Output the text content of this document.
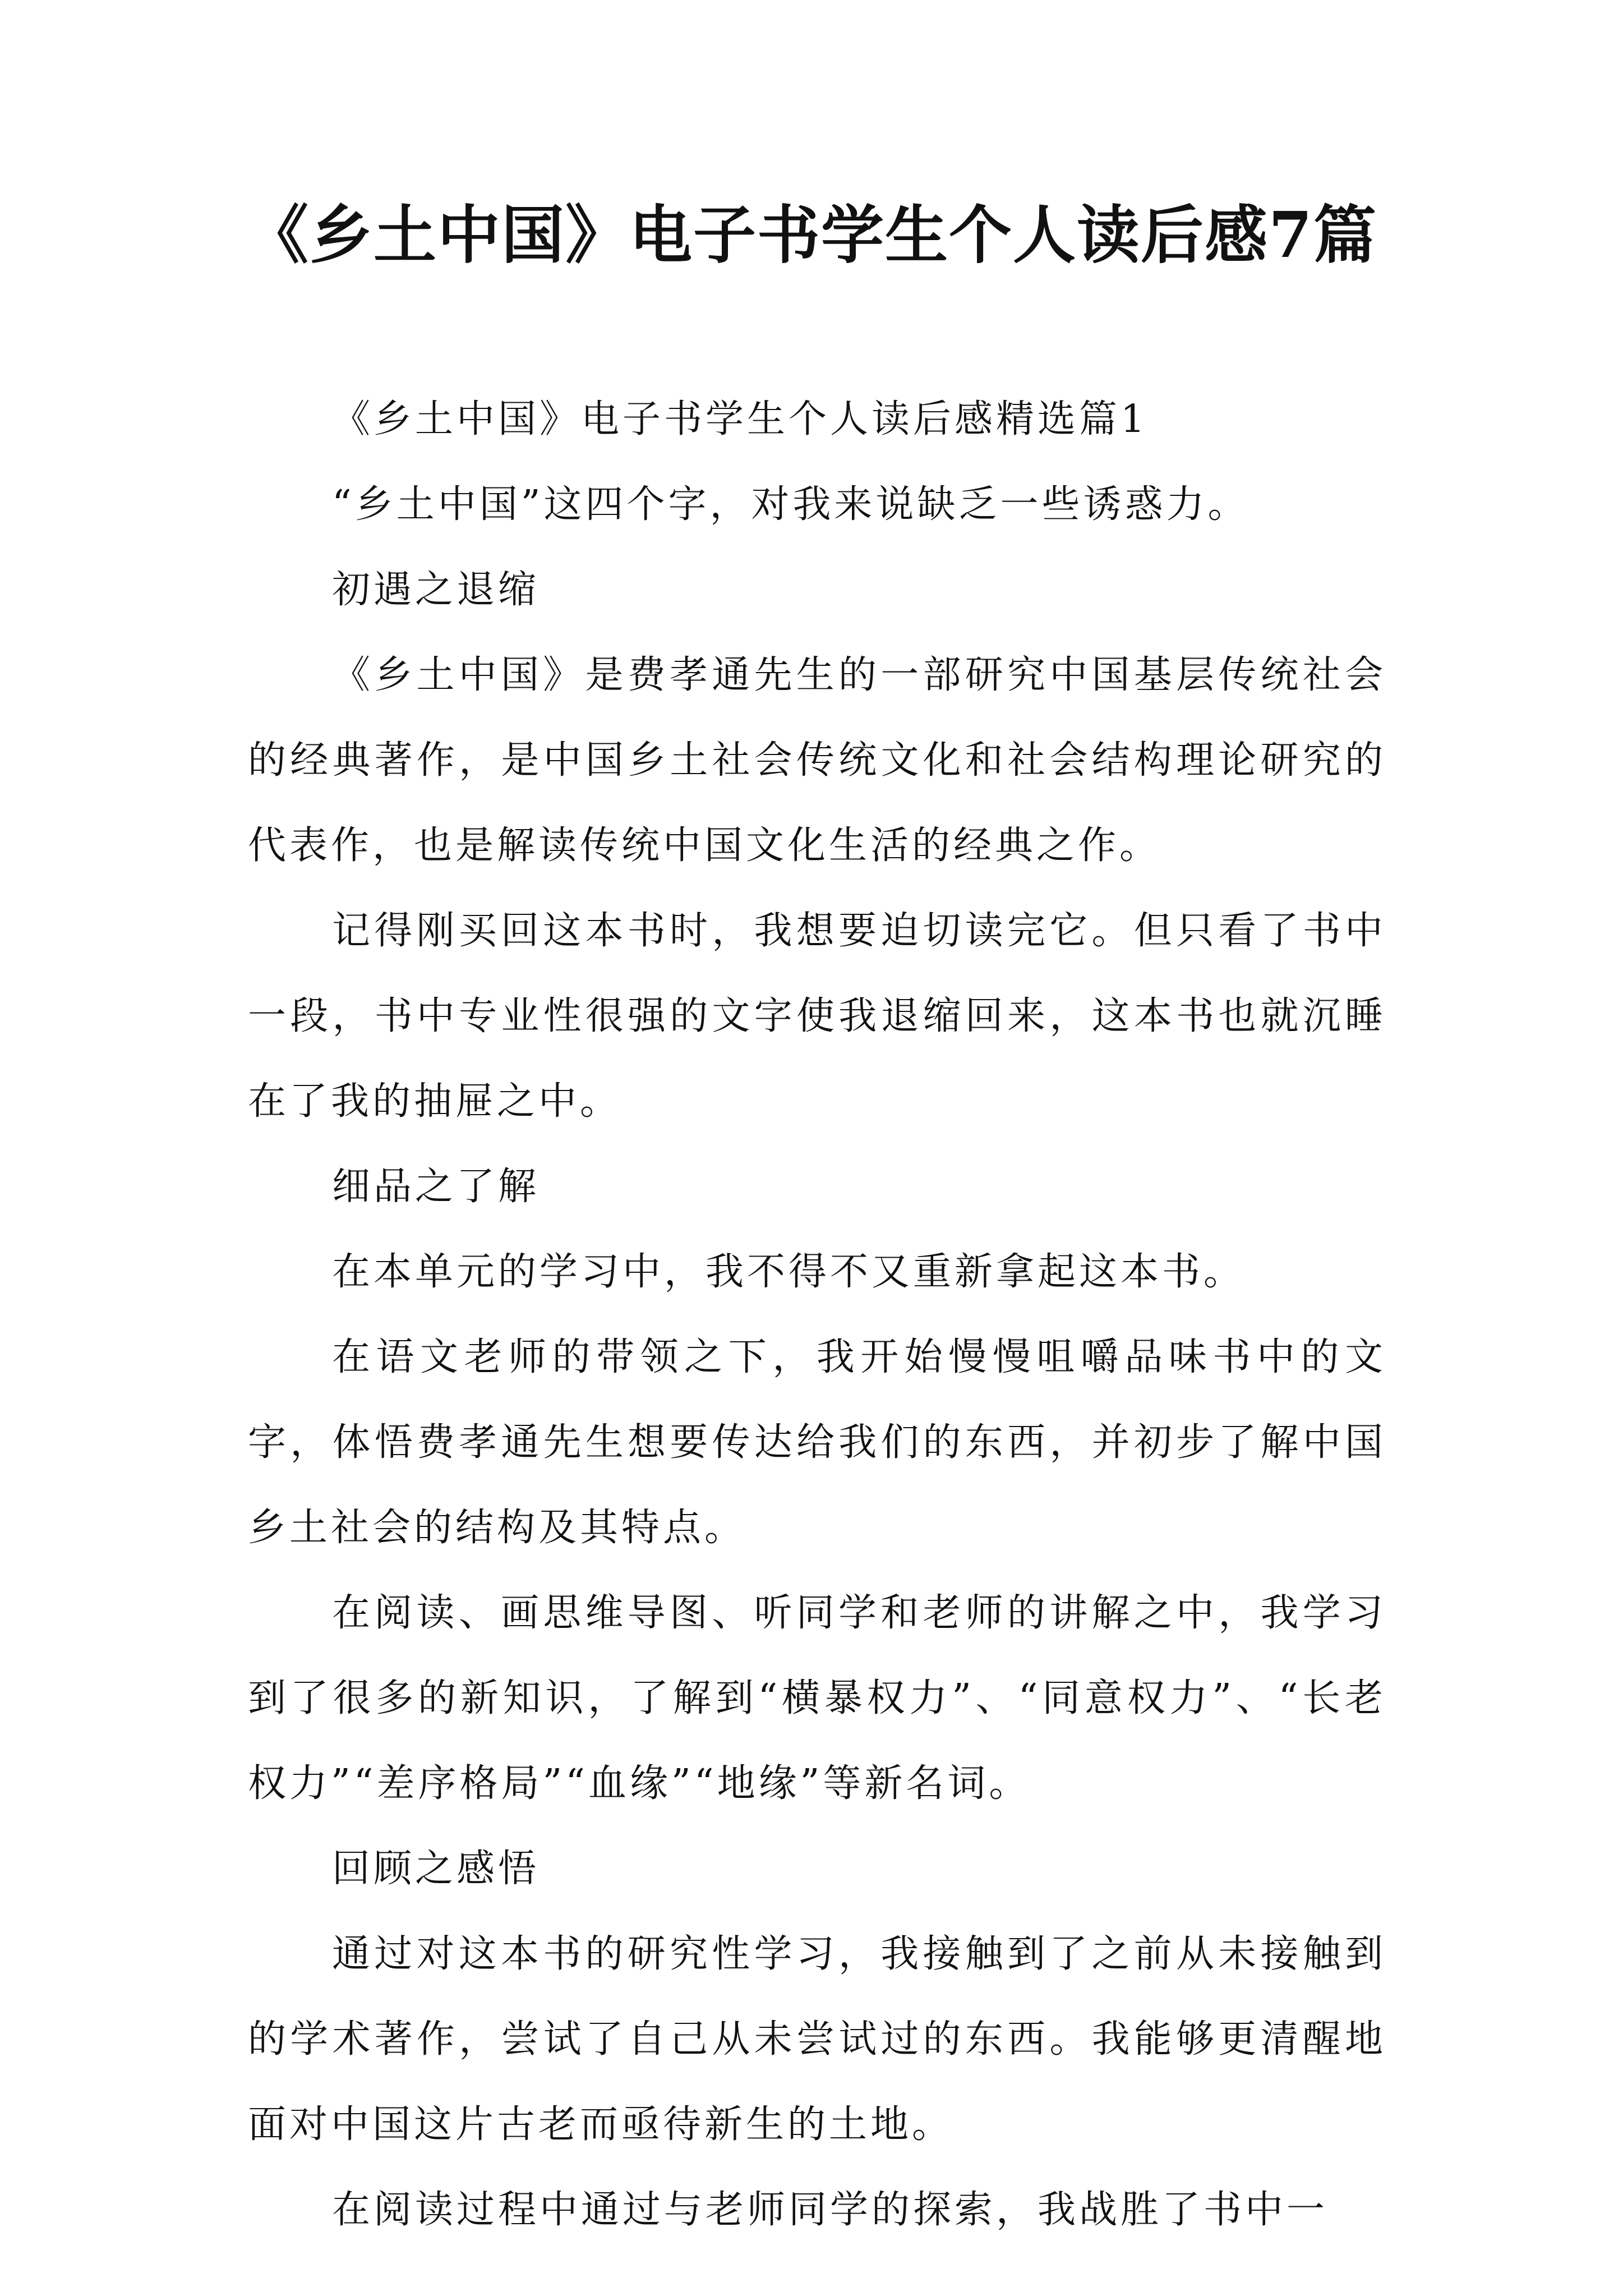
《乡土中国》电子书学生个人读后感7篇

《乡土中国》电子书学生个人读后感精选篇1

“乡土中国”这四个字，对我来说缺乏一些诱惑力。

初遇之退缩

《乡土中国》是费孝通先生的一部研究中国基层传统社会的经典著作，是中国乡土社会传统文化和社会结构理论研究的代表作，也是解读传统中国文化生活的经典之作。

记得刚买回这本书时，我想要迫切读完它。但只看了书中一段，书中专业性很强的文字使我退缩回来，这本书也就沉睡在了我的抽屉之中。

细品之了解

在本单元的学习中，我不得不又重新拿起这本书。

在语文老师的带领之下，我开始慢慢咀嚼品味书中的文字，体悟费孝通先生想要传达给我们的东西，并初步了解中国乡土社会的结构及其特点。

在阅读、画思维导图、听同学和老师的讲解之中，我学习到了很多的新知识，了解到“横暴权力”、“同意权力”、“长老权力”“差序格局”“血缘”“地缘”等新名词。

回顾之感悟

通过对这本书的研究性学习，我接触到了之前从未接触到的学术著作，尝试了自己从未尝试过的东西。我能够更清醒地面对中国这片古老而亟待新生的土地。

在阅读过程中通过与老师同学的探索，我战胜了书中一
